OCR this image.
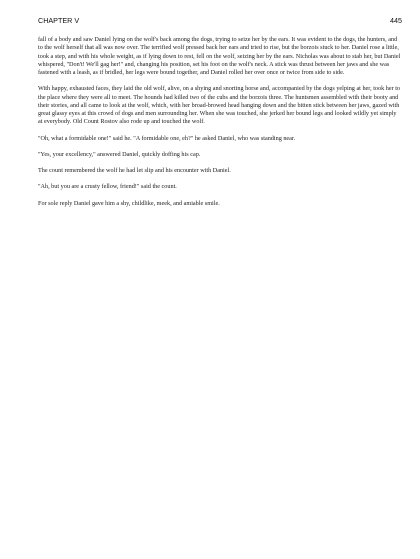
CHAPTER V	445

fall of a body and saw Daniel lying on the wolf's back among the dogs, trying to seize her by the ears. It was evident to the dogs, the hunters, and to the wolf herself that all was now over. The terrified wolf pressed back her ears and tried to rise, but the borzois stuck to her. Daniel rose a little, took a step, and with his whole weight, as if lying down to rest, fell on the wolf, seizing her by the ears. Nicholas was about to stab her, but Daniel whispered, "Don't! We'll gag her!" and, changing his position, set his foot on the wolf's neck. A stick was thrust between her jaws and she was fastened with a leash, as if bridled, her legs were bound together, and Daniel rolled her over once or twice from side to side.

With happy, exhausted faces, they laid the old wolf, alive, on a shying and snorting horse and, accompanied by the dogs yelping at her, took her to the place where they were all to meet. The hounds had killed two of the cubs and the borzois three. The huntsmen assembled with their booty and their stories, and all came to look at the wolf, which, with her broad-browed head hanging down and the bitten stick between her jaws, gazed with great glassy eyes at this crowd of dogs and men surrounding her. When she was touched, she jerked her bound legs and looked wildly yet simply at everybody. Old Count Rostov also rode up and touched the wolf.

"Oh, what a formidable one!" said he. "A formidable one, eh?" he asked Daniel, who was standing near.

"Yes, your excellency," answered Daniel, quickly doffing his cap.

The count remembered the wolf he had let slip and his encounter with Daniel.

"Ah, but you are a crusty fellow, friend!" said the count.

For sole reply Daniel gave him a shy, childlike, meek, and amiable smile.
